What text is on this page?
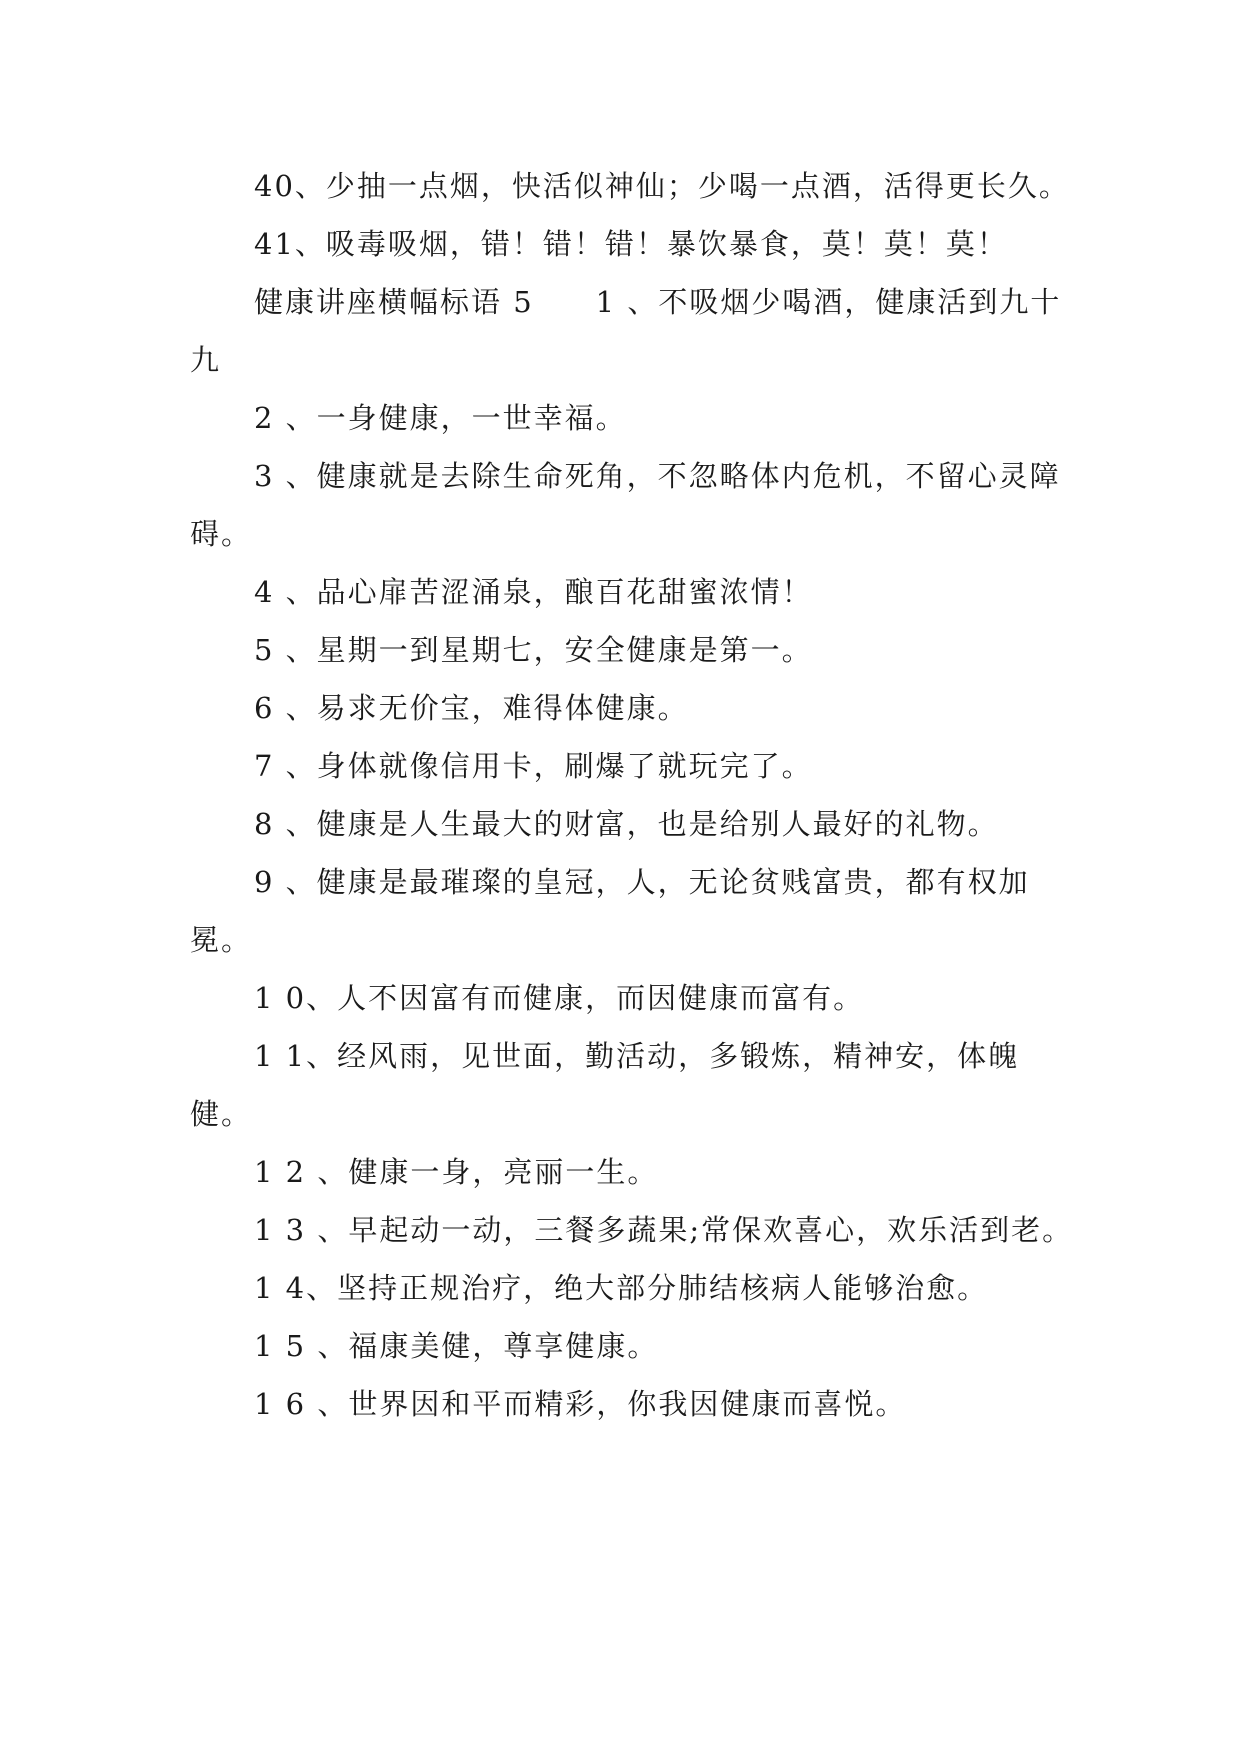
40、少抽一点烟，快活似神仙；少喝一点酒，活得更长久。

41、吸毒吸烟，错！错！错！暴饮暴食，莫！莫！莫！

健康讲座横幅标语 5　　1 、不吸烟少喝酒，健康活到九十九

2 、一身健康，一世幸福。

3 、健康就是去除生命死角，不忽略体内危机，不留心灵障碍。

4 、品心扉苦涩涌泉，酿百花甜蜜浓情！

5 、星期一到星期七，安全健康是第一。

6 、易求无价宝，难得体健康。

7 、身体就像信用卡，刷爆了就玩完了。

8 、健康是人生最大的财富，也是给别人最好的礼物。

9 、健康是最璀璨的皇冠，人，无论贫贱富贵，都有权加冕。

1 0、人不因富有而健康，而因健康而富有。

1 1、经风雨，见世面，勤活动，多锻炼，精神安，体魄健。

1 2 、健康一身，亮丽一生。

1 3 、早起动一动，三餐多蔬果;常保欢喜心，欢乐活到老。

1 4、坚持正规治疗，绝大部分肺结核病人能够治愈。

1 5 、福康美健，尊享健康。

1 6 、世界因和平而精彩，你我因健康而喜悦。
